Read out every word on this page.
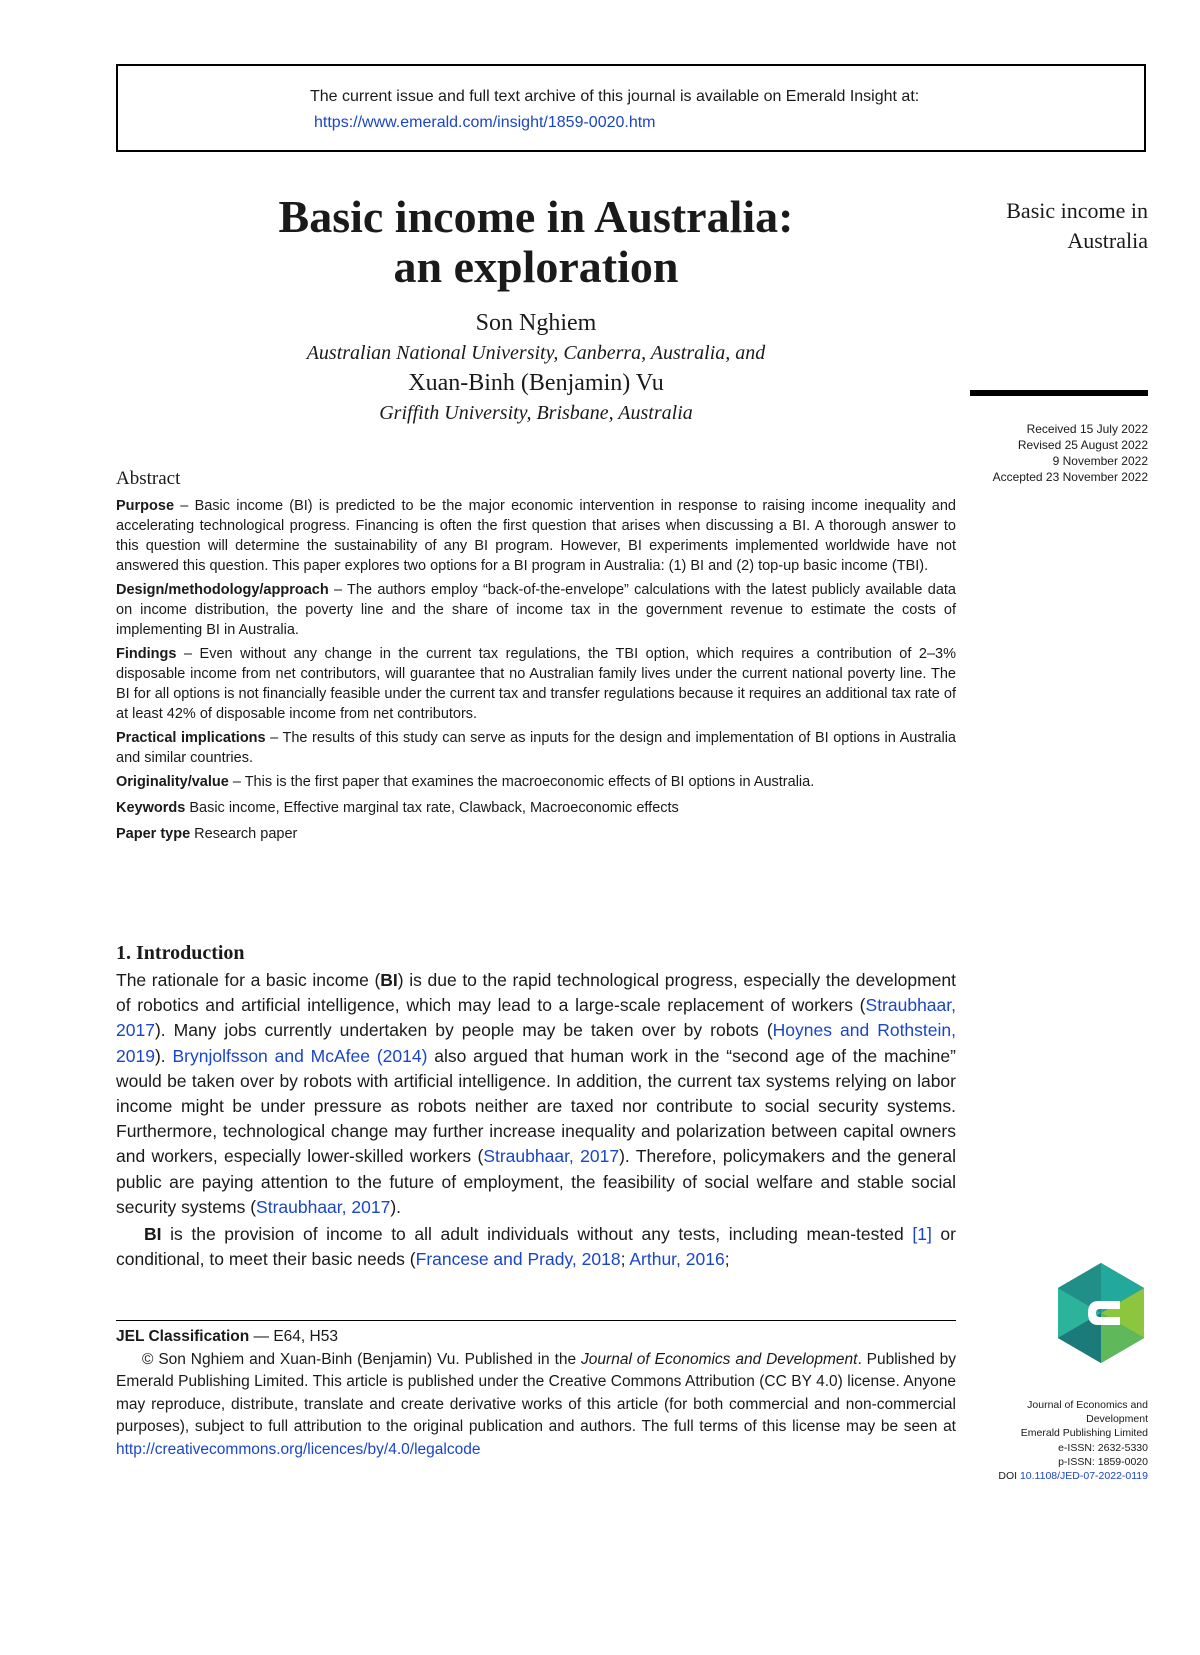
The current issue and full text archive of this journal is available on Emerald Insight at:
https://www.emerald.com/insight/1859-0020.htm
Basic income in Australia:
an exploration
Son Nghiem
Australian National University, Canberra, Australia, and
Xuan-Binh (Benjamin) Vu
Griffith University, Brisbane, Australia
Basic income in
Australia
Received 15 July 2022
Revised 25 August 2022
9 November 2022
Accepted 23 November 2022
Abstract

Purpose – Basic income (BI) is predicted to be the major economic intervention in response to raising income inequality and accelerating technological progress. Financing is often the first question that arises when discussing a BI. A thorough answer to this question will determine the sustainability of any BI program. However, BI experiments implemented worldwide have not answered this question. This paper explores two options for a BI program in Australia: (1) BI and (2) top-up basic income (TBI).

Design/methodology/approach – The authors employ “back-of-the-envelope” calculations with the latest publicly available data on income distribution, the poverty line and the share of income tax in the government revenue to estimate the costs of implementing BI in Australia.

Findings – Even without any change in the current tax regulations, the TBI option, which requires a contribution of 2–3% disposable income from net contributors, will guarantee that no Australian family lives under the current national poverty line. The BI for all options is not financially feasible under the current tax and transfer regulations because it requires an additional tax rate of at least 42% of disposable income from net contributors.

Practical implications – The results of this study can serve as inputs for the design and implementation of BI options in Australia and similar countries.

Originality/value – This is the first paper that examines the macroeconomic effects of BI options in Australia.

Keywords Basic income, Effective marginal tax rate, Clawback, Macroeconomic effects

Paper type Research paper

1. Introduction

The rationale for a basic income (BI) is due to the rapid technological progress, especially the development of robotics and artificial intelligence, which may lead to a large-scale replacement of workers (Straubhaar, 2017). Many jobs currently undertaken by people may be taken over by robots (Hoynes and Rothstein, 2019). Brynjolfsson and McAfee (2014) also argued that human work in the “second age of the machine” would be taken over by robots with artificial intelligence. In addition, the current tax systems relying on labor income might be under pressure as robots neither are taxed nor contribute to social security systems. Furthermore, technological change may further increase inequality and polarization between capital owners and workers, especially lower-skilled workers (Straubhaar, 2017). Therefore, policymakers and the general public are paying attention to the future of employment, the feasibility of social welfare and stable social security systems (Straubhaar, 2017).

BI is the provision of income to all adult individuals without any tests, including mean-tested [1] or conditional, to meet their basic needs (Francese and Prady, 2018; Arthur, 2016;

JEL Classification — E64, H53

© Son Nghiem and Xuan-Binh (Benjamin) Vu. Published in the Journal of Economics and Development. Published by Emerald Publishing Limited. This article is published under the Creative Commons Attribution (CC BY 4.0) license. Anyone may reproduce, distribute, translate and create derivative works of this article (for both commercial and non-commercial purposes), subject to full attribution to the original publication and authors. The full terms of this license may be seen at http://creativecommons.org/licences/by/4.0/legalcode

Journal of Economics and
Development
Emerald Publishing Limited
e-ISSN: 2632-5330
p-ISSN: 1859-0020
DOI 10.1108/JED-07-2022-0119
